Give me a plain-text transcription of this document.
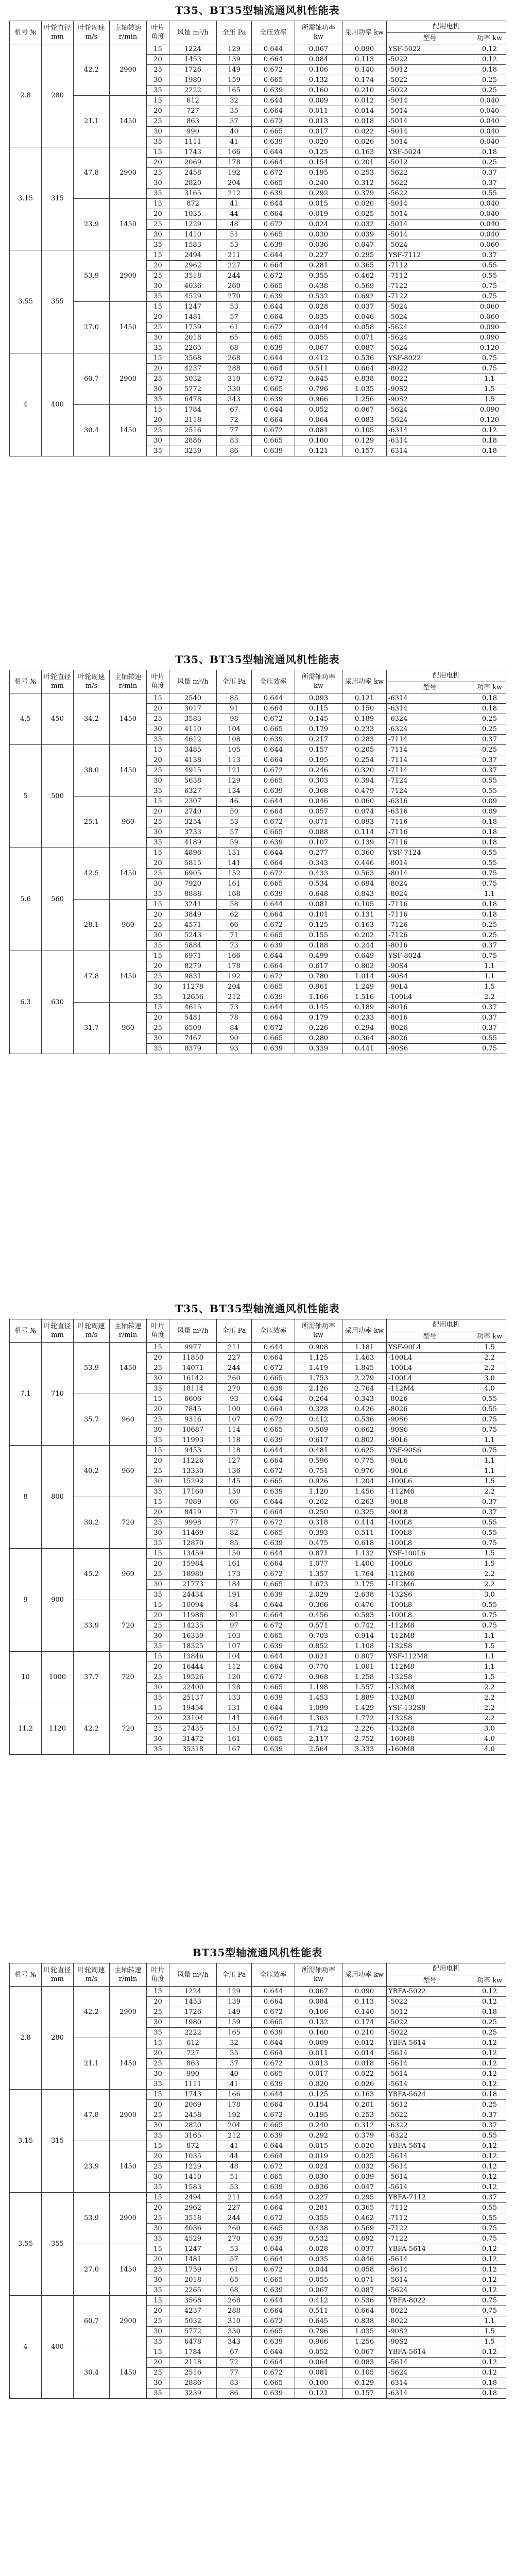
T35、BT35型轴流通风机性能表
机号 №	叶轮直径 mm	叶轮周速 m/s	主轴转速 r/min	叶片角度	风量 m³/h	全压 Pa	全压效率	所需轴功率 kw	采用功率 kw	配用电机	
										型号	功率 kw
2.8	280	42.2	2900	15	1224	129	0.644	0.067	0.090	YSF-5022	0.12
				20	1453	139	0.664	0.084	0.113	-5022	0.12
				25	1726	149	0.672	0.106	0.140	-5012	0.18
				30	1980	159	0.665	0.132	0.174	-5022	0.25
				35	2222	165	0.639	0.160	0.210	-5022	0.25
		21.1	1450	15	612	32	0.644	0.009	0.012	-5014	0.040
				20	727	35	0.664	0.011	0.014	-5014	0.040
				25	863	37	0.672	0.013	0.018	-5014	0.040
				30	990	40	0.665	0.017	0.022	-5014	0.040
				35	1111	41	0.639	0.020	0.026	-5014	0.040
3.15	315	47.8	2900	15	1743	166	0.644	0.125	0.163	YSF-5024	0.18
				20	2069	178	0.664	0.154	0.201	-5012	0.25
				25	2458	192	0.672	0.195	0.253	-5622	0.37
				30	2820	204	0.665	0.240	0.312	-5622	0.37
				35	3165	212	0.639	0.292	0.379	-5622	0.55
		23.9	1450	15	872	41	0.644	0.015	0.020	-5014	0.040
				20	1035	44	0.664	0.019	0.025	-5014	0.040
				25	1229	48	0.672	0.024	0.032	-5014	0.040
				30	1410	51	0.665	0.030	0.039	-5014	0.040
				35	1583	53	0.639	0.036	0.047	-5024	0.060
3.55	355	53.9	2900	15	2494	211	0.644	0.227	0.295	YSF-7112	0.37
				20	2962	227	0.664	0.281	0.365	-7112	0.55
				25	3518	244	0.672	0.355	0.462	-7112	0.55
				30	4036	260	0.665	0.438	0.569	-7122	0.75
				35	4529	270	0.639	0.532	0.692	-7122	0.75
		27.0	1450	15	1247	53	0.644	0.028	0.037	-5024	0.060
				20	1481	57	0.664	0.035	0.046	-5024	0.060
				25	1759	61	0.672	0.044	0.058	-5624	0.090
				30	2018	65	0.665	0.055	0.071	-5624	0.090
				35	2265	68	0.639	0.067	0.087	-5624	0.120
4	400	60.7	2900	15	3568	268	0.644	0.412	0.536	YSF-8022	0.75
				20	4237	288	0.664	0.511	0.664	-8022	0.75
				25	5032	310	0.672	0.645	0.838	-8022	1.1
				30	5772	330	0.665	0.796	1.035	-90S2	1.5
				35	6478	343	0.639	0.966	1.256	-90S2	1.5
		30.4	1450	15	1784	67	0.644	0.052	0.067	-5624	0.090
				20	2118	72	0.664	0.064	0.083	-5624	0.120
				25	2516	77	0.672	0.081	0.105	-6314	0.12
				30	2886	83	0.665	0.100	0.129	-6314	0.18
				35	3239	86	0.639	0.121	0.157	-6314	0.18
T35、BT35型轴流通风机性能表
机号 №	叶轮直径 mm	叶轮周速 m/s	主轴转速 r/min	叶片角度	风量 m³/h	全压 Pa	全压效率	所需轴功率 kw	采用功率 kw	配用电机	
										型号	功率 kw
4.5	450	34.2	1450	15	2540	85	0.644	0.093	0.121	-6314	0.18
				20	3017	91	0.664	0.115	0.150	-6314	0.18
				25	3583	98	0.672	0.145	0.189	-6324	0.25
				30	4110	104	0.665	0.179	0.233	-6324	0.25
				35	4612	108	0.639	0.217	0.283	-7114	0.37
5	500	38.0	1450	15	3485	105	0.644	0.157	0.205	-7114	0.25
				20	4138	113	0.664	0.195	0.254	-7114	0.37
				25	4915	121	0.672	0.246	0.320	-7114	0.37
				30	5638	129	0.665	0.303	0.394	-7124	0.55
				35	6327	134	0.639	0.368	0.479	-7124	0.55
		25.1	960	15	2307	46	0.644	0.046	0.060	-6316	0.09
				20	2740	50	0.664	0.057	0.074	-6316	0.09
				25	3254	53	0.672	0.071	0.093	-7116	0.18
				30	3733	57	0.665	0.088	0.114	-7116	0.18
				35	4189	59	0.639	0.107	0.139	-7116	0.18
5.6	560	42.5	1450	15	4896	131	0.644	0.277	0.360	YSF-7124	0.55
				20	5815	141	0.664	0.343	0.446	-8014	0.55
				25	6905	152	0.672	0.433	0.563	-8014	0.75
				30	7920	161	0.665	0.534	0.694	-8024	0.75
				35	8888	168	0.639	0.648	0.843	-8024	1.1
		28.1	960	15	3241	58	0.644	0.081	0.105	-7116	0.18
				20	3849	62	0.664	0.101	0.131	-7116	0.18
				25	4571	66	0.672	0.125	0.163	-7126	0.25
				30	5243	71	0.665	0.155	0.202	-7126	0.25
				35	5884	73	0.639	0.188	0.244	-8016	0.37
6.3	630	47.8	1450	15	6971	166	0.644	0.499	0.649	YSF-8024	0.75
				20	8279	178	0.664	0.617	0.802	-90S4	1.1
				25	9831	192	0.672	0.780	1.014	-90S4	1.1
				30	11278	204	0.665	0.961	1.249	-90L4	1.5
				35	12656	212	0.639	1.166	1.516	-100L4	2.2
		31.7	960	15	4615	73	0.644	0.145	0.189	-8016	0.37
				20	5481	78	0.664	0.179	0.233	-8016	0.37
				25	6509	84	0.672	0.226	0.294	-8026	0.37
				30	7467	90	0.665	0.280	0.364	-8026	0.55
				35	8379	93	0.639	0.339	0.441	-90S6	0.75
T35、BT35型轴流通风机性能表
机号 №	叶轮直径 mm	叶轮周速 m/s	主轴转速 r/min	叶片角度	风量 m³/h	全压 Pa	全压效率	所需轴功率 kw	采用功率 kw	配用电机	
										型号	功率 kw
7.1	710	53.9	1450	15	9977	211	0.644	0.908	1.181	YSF-90L4	1.5
				20	11850	227	0.664	1.125	1.463	-100L4	2.2
				25	14071	244	0.672	1.419	1.845	-100L4	2.2
				30	16142	260	0.665	1.753	2.279	-100L4	3.0
				35	18114	270	0.639	2.126	2.764	-112M4	4.0
		35.7	960	15	6606	93	0.644	0.264	0.343	-8026	0.55
				20	7845	100	0.664	0.328	0.426	-8026	0.55
				25	9316	107	0.672	0.412	0.536	-90S6	0.75
				30	10687	114	0.665	0.509	0.662	-90S6	0.75
				35	11993	118	0.639	0.617	0.802	-90L6	1.1
8	800	40.2	960	15	9453	118	0.644	0.481	0.625	YSF-90S6	0.75
				20	11226	127	0.664	0.596	0.775	-90L6	1.1
				25	13330	136	0.672	0.751	0.976	-90L6	1.1
				30	15292	145	0.665	0.926	1.204	-100L6	1.5
				35	17160	150	0.639	1.120	1.456	-112M6	2.2
		30.2	720	15	7089	66	0.644	0.202	0.263	-90L8	0.37
				20	8419	71	0.664	0.250	0.325	-90L8	0.37
				25	9998	77	0.672	0.318	0.414	-100L8	0.55
				30	11469	82	0.665	0.393	0.511	-100L8	0.55
				35	12870	85	0.639	0.475	0.618	-100L8	0.75
9	900	45.2	960	15	13459	150	0.644	0.871	1.132	YSF-100L6	1.5
				20	15984	161	0.664	1.077	1.400	-100L6	1.5
				25	18980	173	0.672	1.357	1.764	-112M6	2.2
				30	21773	184	0.665	1.673	2.175	-112M6	2.2
				35	24434	191	0.639	2.029	2.638	-132S6	3.0
		33.9	720	15	10094	84	0.644	0.366	0.476	-100L8	0.55
				20	11988	91	0.664	0.456	0.593	-100L8	0.75
				25	14235	97	0.672	0.571	0.742	-112M8	0.75
				30	16330	103	0.665	0.703	0.914	-112M8	1.1
				35	18325	107	0.639	0.852	1.108	-132S8	1.5
10	1000	37.7	720	15	13846	104	0.644	0.621	0.807	YSF-112M8	1.1
				20	16444	112	0.664	0.770	1.001	-112M8	1.1
				25	19526	120	0.672	0.968	1.258	-132S8	1.5
				30	22400	128	0.665	1.198	1.557	-132M8	2.2
				35	25137	133	0.639	1.453	1.889	-132M8	2.2
11.2	1120	42.2	720	15	19454	131	0.644	1.099	1.429	YSF-132S8	2.2
				20	23104	141	0.664	1.363	1.772	-132S8	2.2
				25	27435	151	0.672	1.712	2.226	-132M8	3.0
				30	31472	161	0.665	2.117	2.752	-160M8	4.0
				35	35318	167	0.639	2.564	3.333	-160M8	4.0
BT35型轴流通风机性能表
机号 №	叶轮直径 mm	叶轮周速 m/s	主轴转速 r/min	叶片角度	风量 m³/h	全压 Pa	全压效率	所需轴功率 kw	采用功率 kw	配用电机	
										型号	功率 kw
2.8	280	42.2	2900	15	1224	129	0.644	0.067	0.090	YBFA-5022	0.12
				20	1453	139	0.664	0.084	0.113	-5022	0.12
				25	1726	149	0.672	0.106	0.140	-5012	0.18
				30	1980	159	0.665	0.132	0.174	-5022	0.25
				35	2222	165	0.639	0.160	0.210	-5022	0.25
		21.1	1450	15	612	32	0.644	0.009	0.012	YBFA-5614	0.12
				20	727	35	0.664	0.011	0.014	-5614	0.12
				25	863	37	0.672	0.013	0.018	-5614	0.12
				30	990	40	0.665	0.017	0.022	-5614	0.12
				35	1111	41	0.639	0.020	0.026	-5614	0.12
3.15	315	47.8	2900	15	1743	166	0.644	0.125	0.163	YBFA-5624	0.18
				20	2069	178	0.664	0.154	0.201	-5612	0.25
				25	2458	192	0.672	0.195	0.253	-5622	0.37
				30	2820	204	0.665	0.240	0.312	-6322	0.37
				35	3165	212	0.639	0.292	0.379	-6322	0.55
		23.9	1450	15	872	41	0.644	0.015	0.020	YBFA-5614	0.12
				20	1035	44	0.664	0.019	0.025	-5614	0.12
				25	1229	48	0.672	0.024	0.032	-5614	0.12
				30	1410	51	0.665	0.030	0.039	-5614	0.12
				35	1583	53	0.639	0.036	0.047	-5614	0.12
3.55	355	53.9	2900	15	2494	211	0.644	0.227	0.295	YBFA-7112	0.37
				20	2962	227	0.664	0.281	0.365	-7112	0.55
				25	3518	244	0.672	0.355	0.462	-7112	0.55
				30	4036	260	0.665	0.438	0.569	-7122	0.75
				35	4529	270	0.639	0.532	0.692	-7122	0.75
		27.0	1450	15	1247	53	0.644	0.028	0.037	YBFA-5614	0.12
				20	1481	57	0.664	0.035	0.046	-5614	0.12
				25	1759	61	0.672	0.044	0.058	-5614	0.12
				30	2018	65	0.665	0.055	0.071	-5614	0.12
				35	2265	68	0.639	0.067	0.087	-5624	0.12
4	400	60.7	2900	15	3568	268	0.644	0.412	0.536	YBFA-8022	0.75
				20	4237	288	0.664	0.511	0.664	-8022	0.75
				25	5032	310	0.672	0.645	0.838	-8022	1.1
				30	5772	330	0.665	0.796	1.035	-90S2	1.5
				35	6478	343	0.639	0.966	1.256	-90S2	1.5
		30.4	1450	15	1784	67	0.644	0.052	0.067	YBFA-5614	0.12
				20	2118	72	0.664	0.064	0.083	-5614	0.12
				25	2516	77	0.672	0.081	0.105	-5624	0.12
				30	2886	83	0.665	0.100	0.129	-6314	0.18
				35	3239	86	0.639	0.121	0.157	-6314	0.18
